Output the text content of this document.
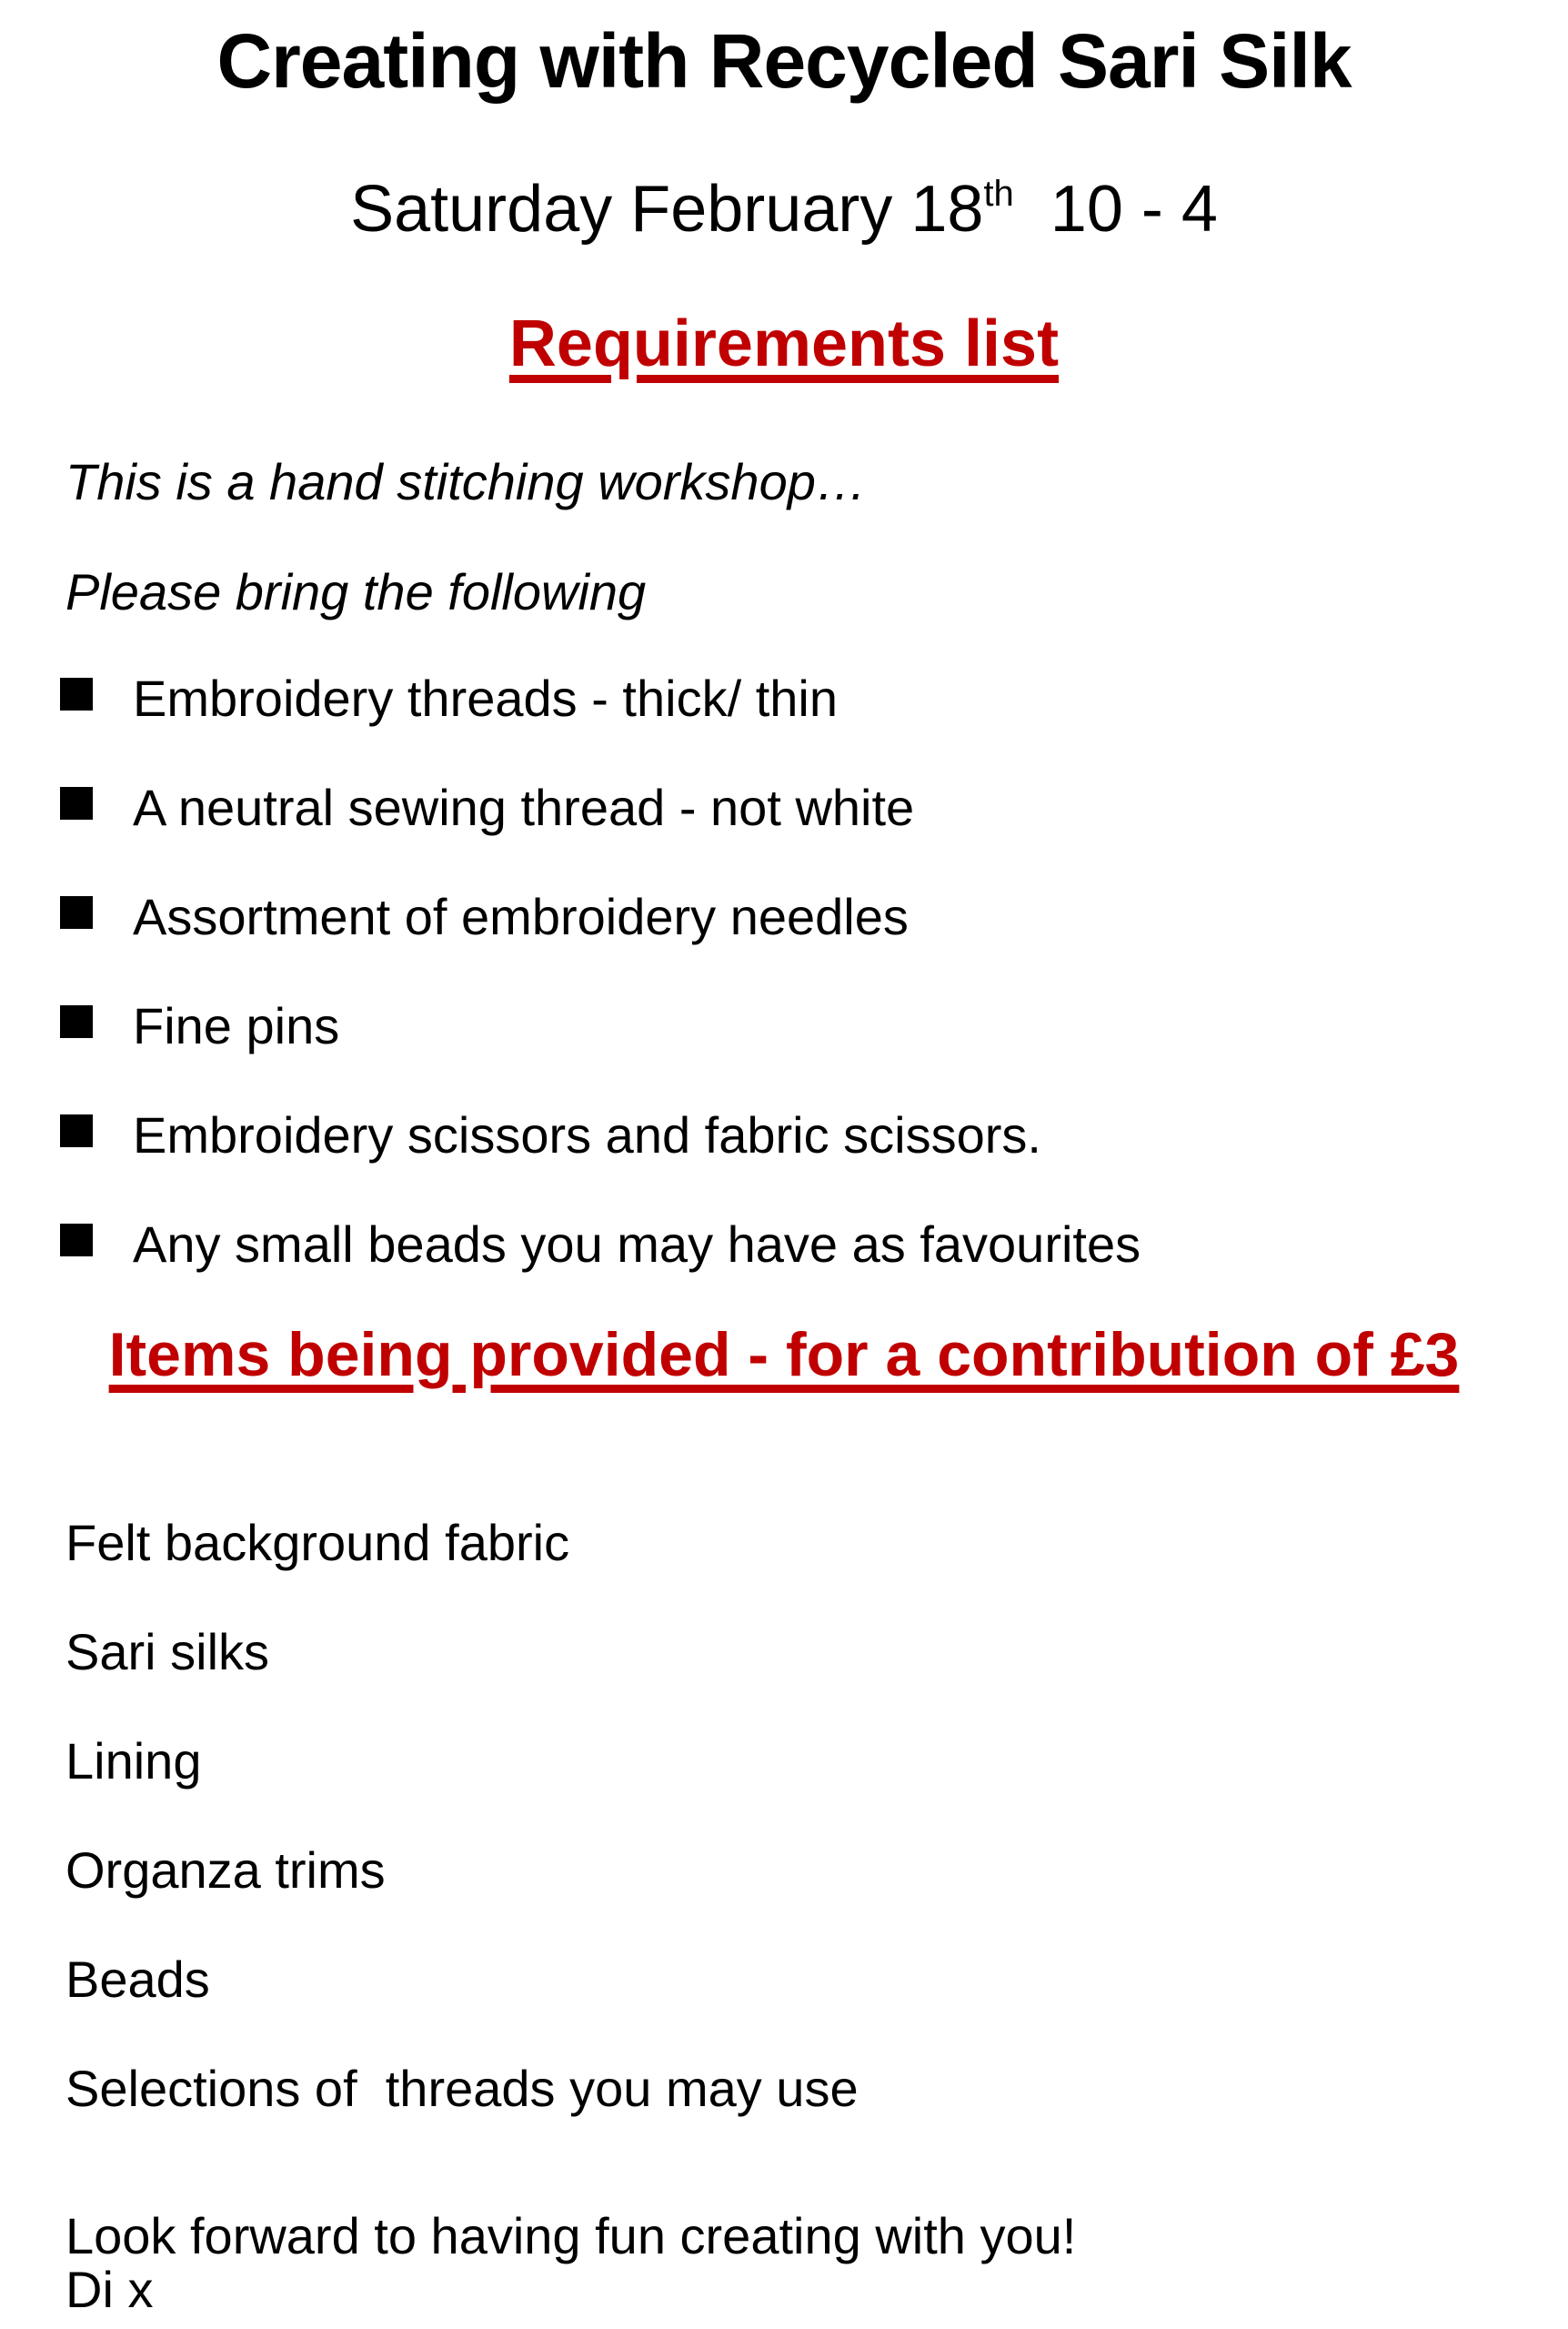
Creating with Recycled Sari Silk
Saturday February 18th  10 - 4
Requirements list

This is a hand stitching workshop…

Please bring the following

Embroidery threads - thick/ thin
A neutral sewing thread - not white
Assortment of embroidery needles
Fine pins
Embroidery scissors and fabric scissors.
Any small beads you may have as favourites
Items being provided - for a contribution of £3

Felt background fabric

Sari silks

Lining

Organza trims

Beads

Selections of  threads you may use

Look forward to having fun creating with you!
Di x
